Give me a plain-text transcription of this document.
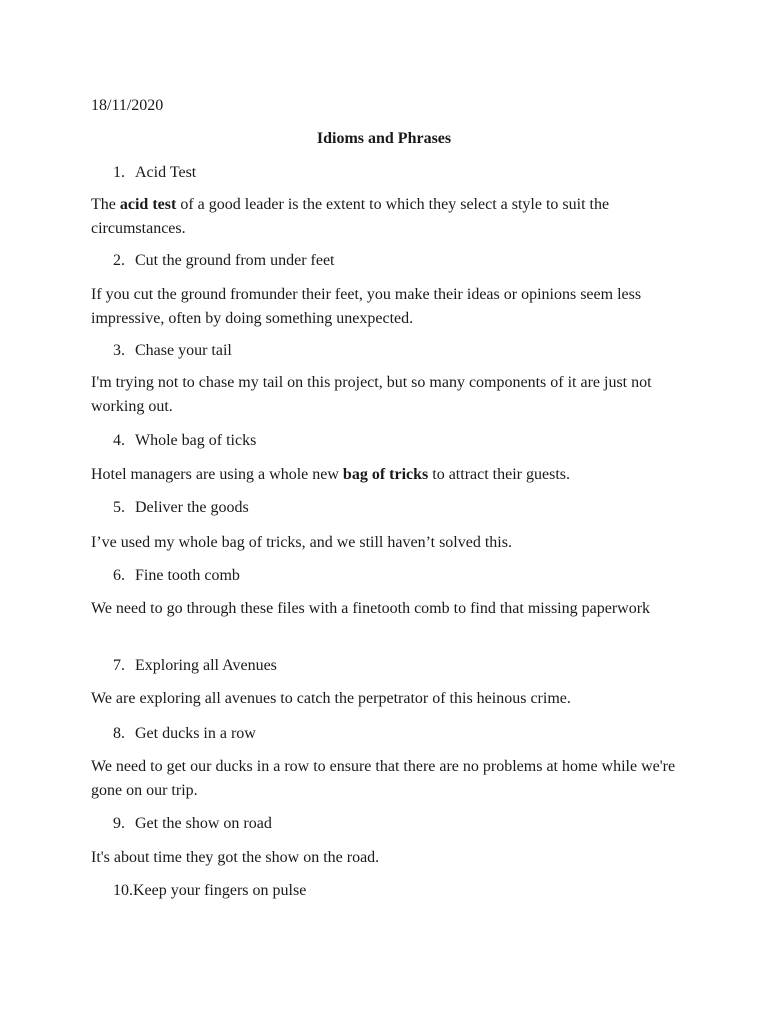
18/11/2020
Idioms and Phrases
1. Acid Test
The acid test of a good leader is the extent to which they select a style to suit the circumstances.
2. Cut the ground from under feet
If you cut the ground fromunder their feet, you make their ideas or opinions seem less impressive, often by doing something unexpected.
3. Chase your tail
I'm trying not to chase my tail on this project, but so many components of it are just not working out.
4. Whole bag of ticks
Hotel managers are using a whole new bag of tricks to attract their guests.
5. Deliver the goods
I’ve used my whole bag of tricks, and we still haven’t solved this.
6. Fine tooth comb
We need to go through these files with a finetooth comb to find that missing paperwork
7. Exploring all Avenues
We are exploring all avenues to catch the perpetrator of this heinous crime.
8. Get ducks in a row
We need to get our ducks in a row to ensure that there are no problems at home while we're gone on our trip.
9. Get the show on road
It's about time they got the show on the road.
10.Keep your fingers on pulse
